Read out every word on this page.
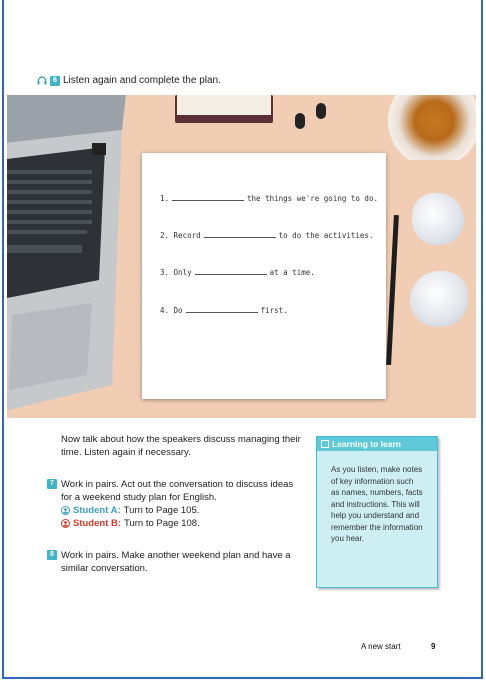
6 Listen again and complete the plan.
1.	the things we're going to do.
2. Record	to do the activities.
3. Only	at a time.
4. Do	first.
Now talk about how the speakers discuss managing their time. Listen again if necessary.
7 Work in pairs. Act out the conversation to discuss ideas for a weekend study plan for English.
Student A: Turn to Page 105.
Student B: Turn to Page 108.
8 Work in pairs. Make another weekend plan and have a similar conversation.
Learning to learn
As you listen, make notes of key information such as names, numbers, facts and instructions. This will help you understand and remember the information you hear.
A new start	9
